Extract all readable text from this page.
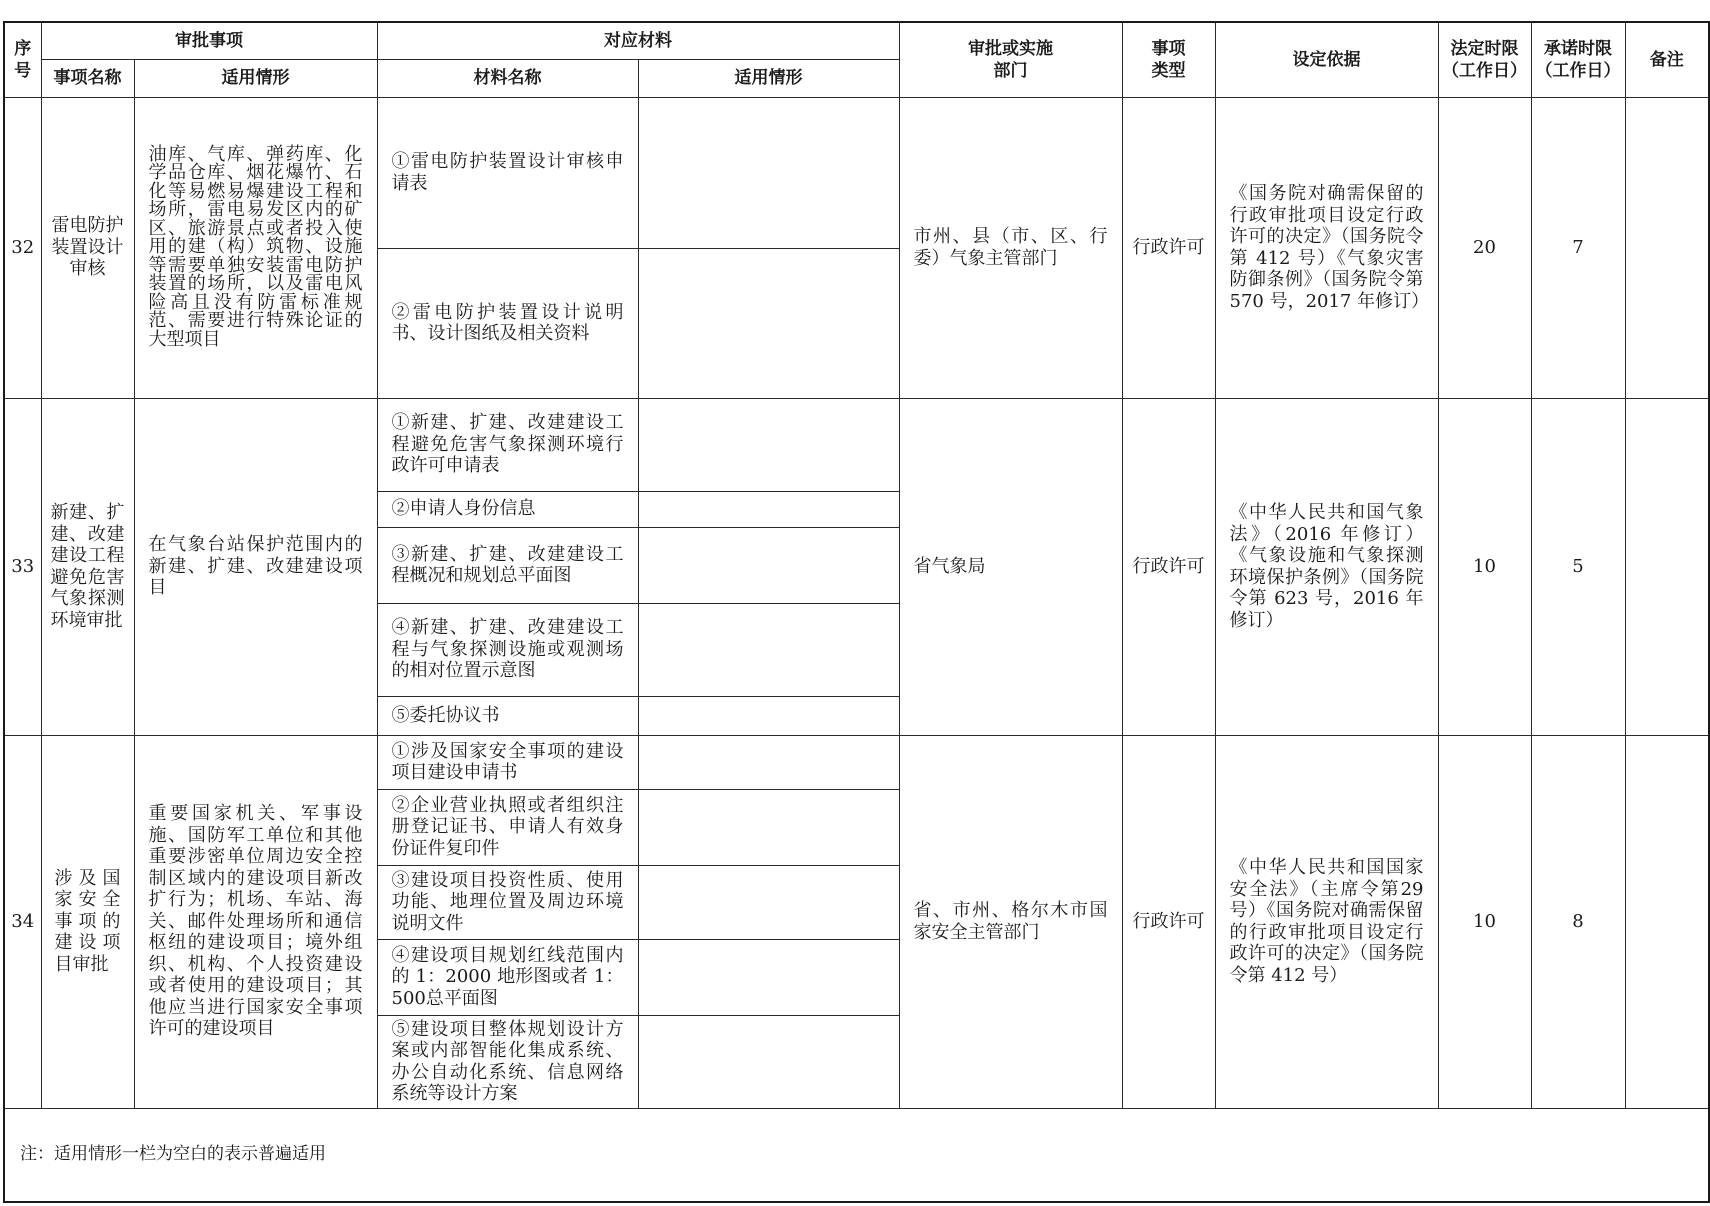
序号	审批事项		对应材料		审批或实施部门	事项类型	设定依据	法定时限（工作日）	承诺时限（工作日）	备注
	事项名称	适用情形	材料名称	适用情形						
32	雷电防护装置设计审核	油库、气库、弹药库、化学品仓库、烟花爆竹、石化等易燃易爆建设工程和场所，雷电易发区内的矿区、旅游景点或者投入使用的建（构）筑物、设施等需要单独安装雷电防护装置的场所，以及雷电风险高且没有防雷标准规范、需要进行特殊论证的大型项目	①雷电防护装置设计审核申请表		市州、县（市、区、行委）气象主管部门	行政许可	《国务院对确需保留的行政审批项目设定行政许可的决定》（国务院令第 412 号）《气象灾害防御条例》（国务院令第 570 号，2017 年修订）	20	7	
			②雷电防护装置设计说明书、设计图纸及相关资料							
33	新建、扩建、改建建设工程避免危害气象探测环境审批	在气象台站保护范围内的新建、扩建、改建建设项目	①新建、扩建、改建建设工程避免危害气象探测环境行政许可申请表		省气象局	行政许可	《中华人民共和国气象法》（2016 年修订）《气象设施和气象探测环境保护条例》（国务院令第 623 号，2016 年修订）	10	5	
			②申请人身份信息							
			③新建、扩建、改建建设工程概况和规划总平面图							
			④新建、扩建、改建建设工程与气象探测设施或观测场的相对位置示意图							
			⑤委托协议书							
34	涉及国家安全事项的建设项目审批	重要国家机关、军事设施、国防军工单位和其他重要涉密单位周边安全控制区域内的建设项目新改扩行为；机场、车站、海关、邮件处理场所和通信枢纽的建设项目；境外组织、机构、个人投资建设或者使用的建设项目；其他应当进行国家安全事项许可的建设项目	①涉及国家安全事项的建设项目建设申请书		省、市州、格尔木市国家安全主管部门	行政许可	《中华人民共和国国家安全法》（主席令第29号）《国务院对确需保留的行政审批项目设定行政许可的决定》（国务院令第 412 号）	10	8	
			②企业营业执照或者组织注册登记证书、申请人有效身份证件复印件							
			③建设项目投资性质、使用功能、地理位置及周边环境说明文件							
			④建设项目规划红线范围内的 1：2000 地形图或者 1：500总平面图							
			⑤建设项目整体规划设计方案或内部智能化集成系统、办公自动化系统、信息网络系统等设计方案							
注：适用情形一栏为空白的表示普遍适用										
